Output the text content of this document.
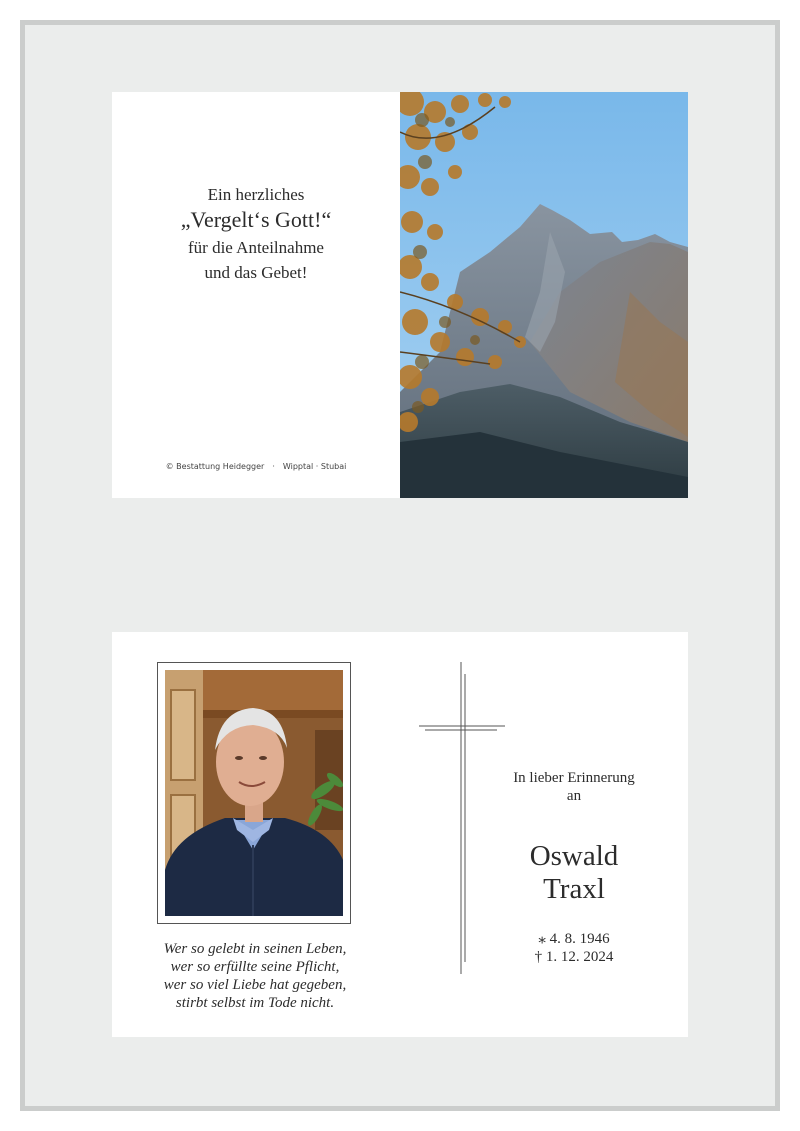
Ein herzliches
„Vergelt‘s Gott!“
für die Anteilnahme
und das Gebet!
© Bestattung Heidegger · Wipptal · Stubai
Wer so gelebt in seinen Leben,
wer so erfüllte seine Pflicht,
wer so viel Liebe hat gegeben,
stirbt selbst im Tode nicht.
In lieber Erinnerung
an
Oswald
Traxl
⁎ 4. 8. 1946
† 1. 12. 2024
